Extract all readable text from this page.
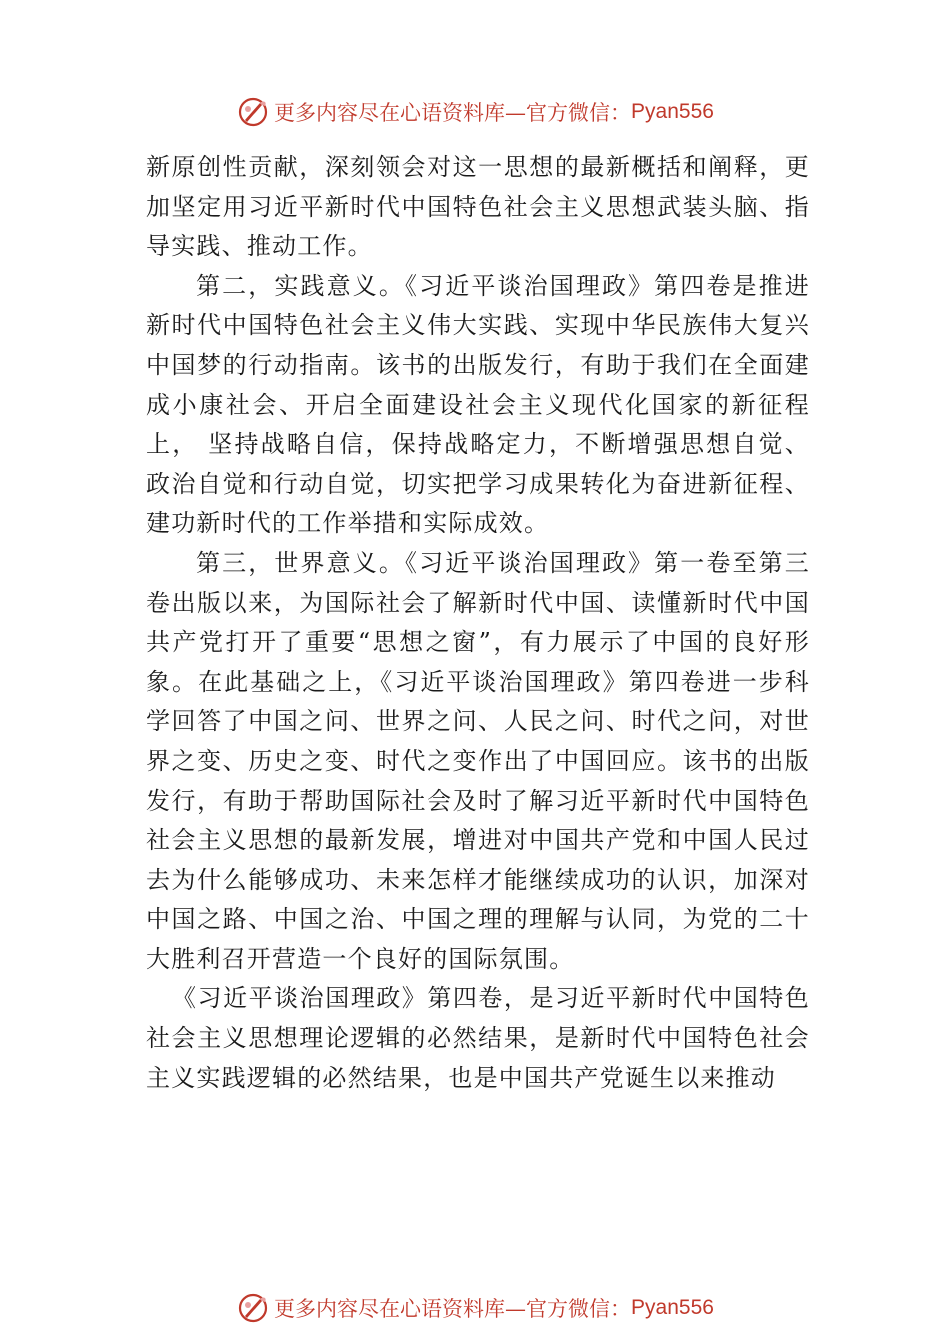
更多内容尽在心语资料库—官方微信： Pyan556

新原创性贡献，深刻领会对这一思想的最新概括和阐释，更加坚定用习近平新时代中国特色社会主义思想武装头脑、指导实践、推动工作。

第二，实践意义。《习近平谈治国理政》第四卷是推进新时代中国特色社会主义伟大实践、实现中华民族伟大复兴中国梦的行动指南。该书的出版发行，有助于我们在全面建成小康社会、开启全面建设社会主义现代化国家的新征程上， 坚持战略自信，保持战略定力，不断增强思想自觉、政治自觉和行动自觉，切实把学习成果转化为奋进新征程、建功新时代的工作举措和实际成效。

第三，世界意义。《习近平谈治国理政》第一卷至第三卷出版以来，为国际社会了解新时代中国、读懂新时代中国共产党打开了重要“思想之窗”，有力展示了中国的良好形象。在此基础之上，《习近平谈治国理政》第四卷进一步科学回答了中国之问、世界之问、人民之问、时代之问，对世界之变、历史之变、时代之变作出了中国回应。该书的出版发行，有助于帮助国际社会及时了解习近平新时代中国特色社会主义思想的最新发展，增进对中国共产党和中国人民过去为什么能够成功、未来怎样才能继续成功的认识，加深对中国之路、中国之治、中国之理的理解与认同，为党的二十大胜利召开营造一个良好的国际氛围。

《习近平谈治国理政》第四卷，是习近平新时代中国特色社会主义思想理论逻辑的必然结果，是新时代中国特色社会主义实践逻辑的必然结果，也是中国共产党诞生以来推动

更多内容尽在心语资料库—官方微信： Pyan556
